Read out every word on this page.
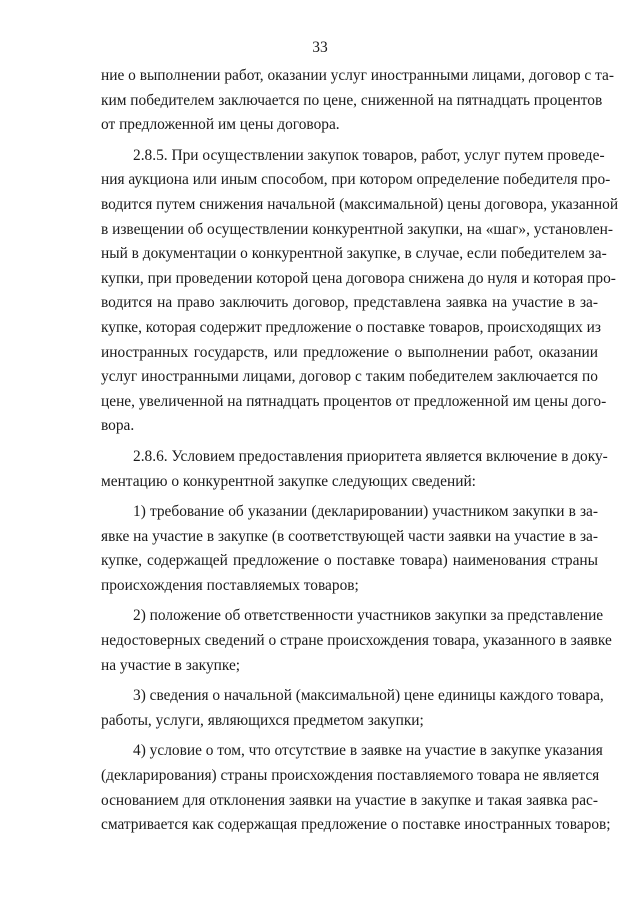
33

ние о выполнении работ, оказании услуг иностранными лицами, договор с та-
ким победителем заключается по цене, сниженной на пятнадцать процентов
от предложенной им цены договора.

2.8.5. При осуществлении закупок товаров, работ, услуг путем проведе-
ния аукциона или иным способом, при котором определение победителя про-
водится путем снижения начальной (максимальной) цены договора, указанной
в извещении об осуществлении конкурентной закупки, на «шаг», установлен-
ный в документации о конкурентной закупке, в случае, если победителем за-
купки, при проведении которой цена договора снижена до нуля и которая про-
водится на право заключить договор, представлена заявка на участие в за-
купке, которая содержит предложение о поставке товаров, происходящих из
иностранных государств, или предложение о выполнении работ, оказании
услуг иностранными лицами, договор с таким победителем заключается по
цене, увеличенной на пятнадцать процентов от предложенной им цены дого-
вора.

2.8.6. Условием предоставления приоритета является включение в доку-
ментацию о конкурентной закупке следующих сведений:

1) требование об указании (декларировании) участником закупки в за-
явке на участие в закупке (в соответствующей части заявки на участие в за-
купке, содержащей предложение о поставке товара) наименования страны
происхождения поставляемых товаров;

2) положение об ответственности участников закупки за представление
недостоверных сведений о стране происхождения товара, указанного в заявке
на участие в закупке;

3) сведения о начальной (максимальной) цене единицы каждого товара,
работы, услуги, являющихся предметом закупки;

4) условие о том, что отсутствие в заявке на участие в закупке указания
(декларирования) страны происхождения поставляемого товара не является
основанием для отклонения заявки на участие в закупке и такая заявка рас-
сматривается как содержащая предложение о поставке иностранных товаров;
